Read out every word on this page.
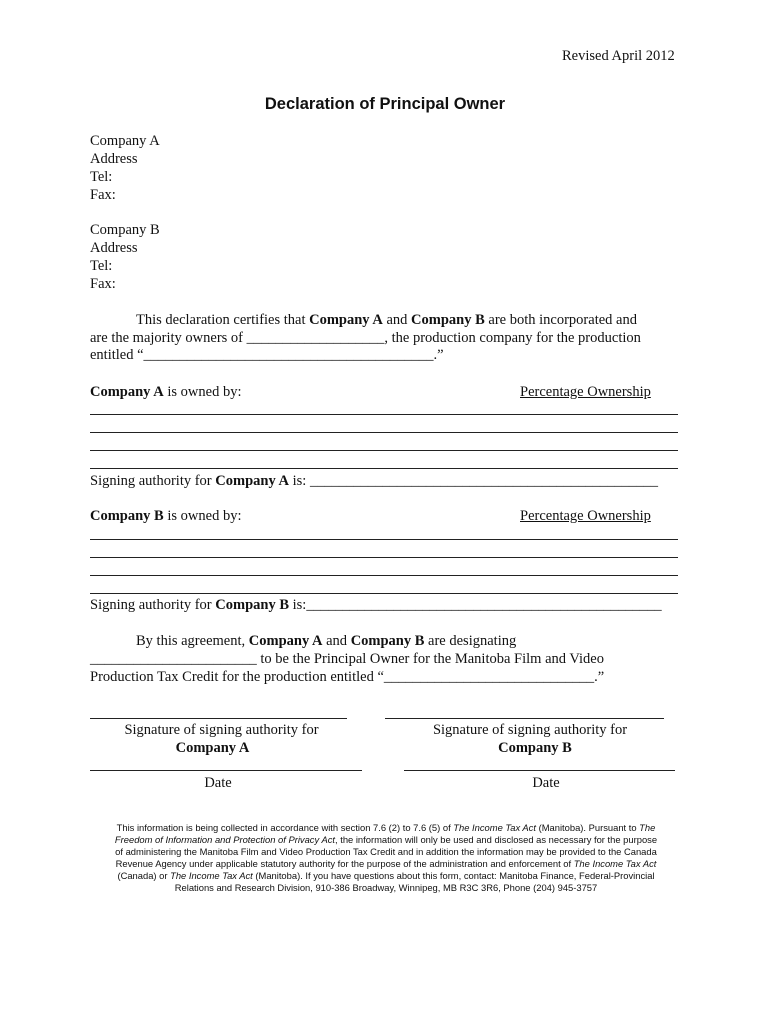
Revised April 2012
Declaration of Principal Owner
Company A
Address
Tel:
Fax:
Company B
Address
Tel:
Fax:
This declaration certifies that Company A and Company B are both incorporated and
are the majority owners of ___________________, the production company for the production
entitled “________________________________________.”
Company A is owned by:	Percentage Ownership
Signing authority for Company A is: ________________________________________________
Company B is owned by:	Percentage Ownership
Signing authority for Company B is:_________________________________________________
By this agreement, Company A and Company B are designating
_______________________ to be the Principal Owner for the Manitoba Film and Video
Production Tax Credit for the production entitled “_____________________________.”
Signature of signing authority for
Company A
Signature of signing authority for
Company B
Date	Date
This information is being collected in accordance with section 7.6 (2) to 7.6 (5) of The Income Tax Act (Manitoba). Pursuant to The
Freedom of Information and Protection of Privacy Act, the information will only be used and disclosed as necessary for the purpose
of administering the Manitoba Film and Video Production Tax Credit and in addition the information may be provided to the Canada
Revenue Agency under applicable statutory authority for the purpose of the administration and enforcement of The Income Tax Act
(Canada) or The Income Tax Act (Manitoba). If you have questions about this form, contact: Manitoba Finance, Federal-Provincial
Relations and Research Division, 910-386 Broadway, Winnipeg, MB R3C 3R6, Phone (204) 945-3757
